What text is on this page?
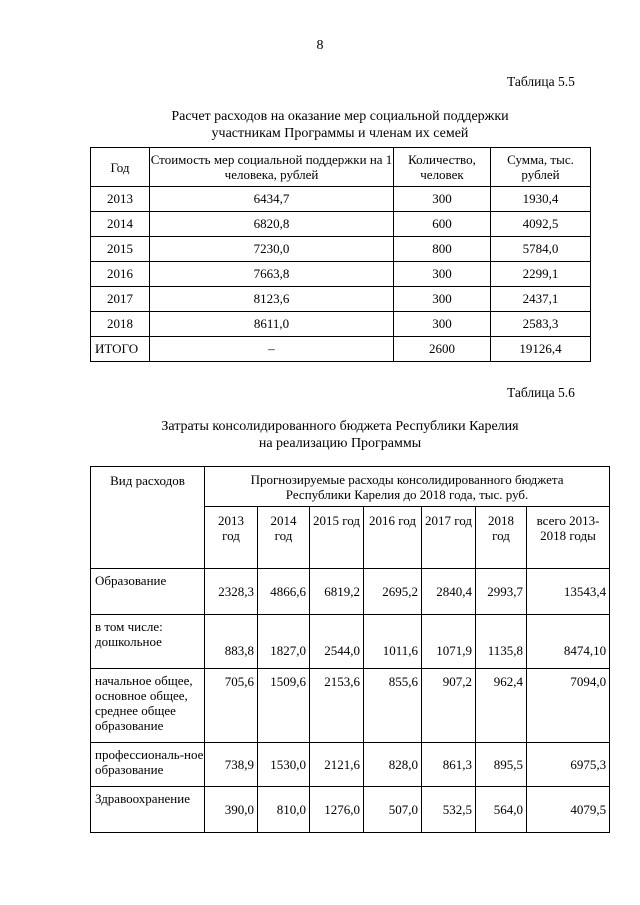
8
Таблица 5.5
Расчет расходов на оказание мер социальной поддержки
участникам Программы и членам их семей
Год	Стоимость мер социальной поддержки на 1 человека, рублей	Количество, человек	Сумма, тыс. рублей
2013	6434,7	300	1930,4
2014	6820,8	600	4092,5
2015	7230,0	800	5784,0
2016	7663,8	300	2299,1
2017	8123,6	300	2437,1
2018	8611,0	300	2583,3
ИТОГО	–	2600	19126,4
Таблица 5.6
Затраты консолидированного бюджета Республики Карелия
на реализацию Программы
Вид расходов	Прогнозируемые расходы консолидированного бюджета Республики Карелия до 2018 года, тыс. руб.						
	2013 год	2014 год	2015 год	2016 год	2017 год	2018 год	всего 2013-2018 годы
Образование	2328,3	4866,6	6819,2	2695,2	2840,4	2993,7	13543,4
в том числе: дошкольное	883,8	1827,0	2544,0	1011,6	1071,9	1135,8	8474,10
начальное общее, основное общее, среднее общее образование	705,6	1509,6	2153,6	855,6	907,2	962,4	7094,0
профессиональ-ное образование	738,9	1530,0	2121,6	828,0	861,3	895,5	6975,3
Здравоохранение	390,0	810,0	1276,0	507,0	532,5	564,0	4079,5
